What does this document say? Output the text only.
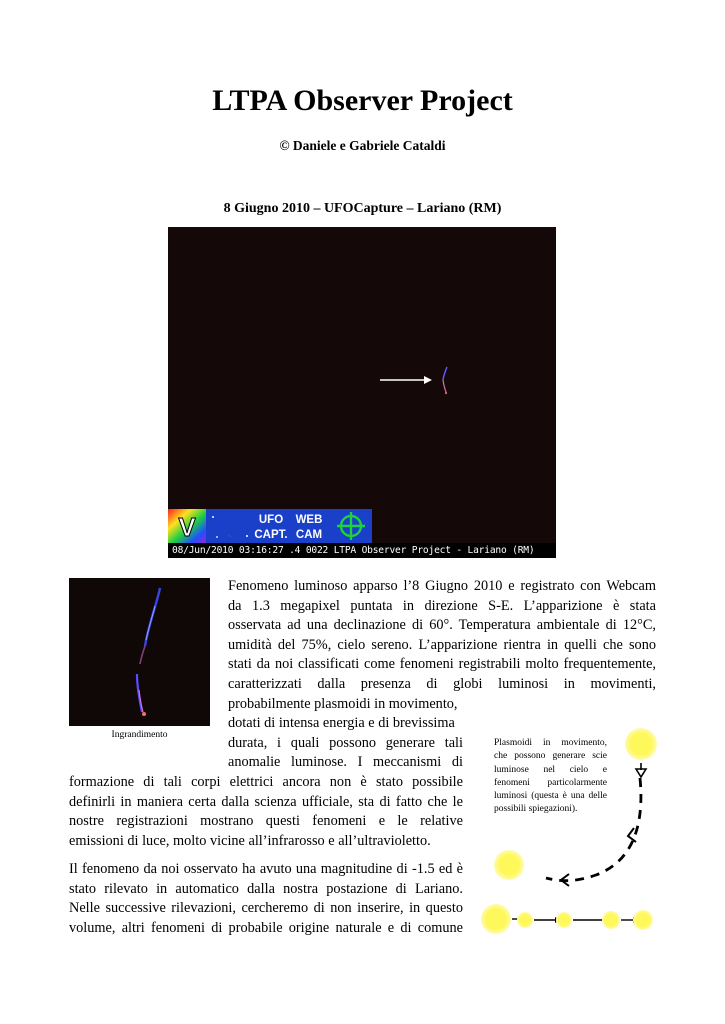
LTPA Observer Project
© Daniele e Gabriele Cataldi
8 Giugno 2010 – UFOCapture – Lariano (RM)
V	UFO
CAPT.
WEB
CAM
08/Jun/2010 03:16:27 .4 0022 LTPA Observer Project - Lariano (RM)
Ingrandimento
Fenomeno luminoso apparso l’8 Giugno 2010 e registrato con Webcam
da 1.3 megapixel puntata in direzione S-E. L’apparizione è stata
osservata ad una declinazione di 60°. Temperatura ambientale di 12°C,
umidità del 75%, cielo sereno. L’apparizione rientra in quelli che sono
stati da noi classificati come fenomeni registrabili molto frequentemente,
caratterizzati dalla presenza di globi luminosi in movimenti,
probabilmente plasmoidi in movimento,
dotati di intensa energia e di brevissima
durata, i quali possono generare tali
anomalie luminose. I meccanismi di
formazione di tali corpi elettrici ancora non è stato possibile
definirli in maniera certa dalla scienza ufficiale, sta di fatto che le
nostre registrazioni mostrano questi fenomeni e le relative
emissioni di luce, molto vicine all’infrarosso e all’ultravioletto.
Il fenomeno da noi osservato ha avuto una magnitudine di -1.5 ed è
stato rilevato in automatico dalla nostra postazione di Lariano.
Nelle successive rilevazioni, cercheremo di non inserire, in questo
volume, altri fenomeni di probabile origine naturale e di comune
Plasmoidi in movimento,
che possono generare scie
luminose nel cielo e
fenomeni particolarmente
luminosi (questa è una delle
possibili spiegazioni).
